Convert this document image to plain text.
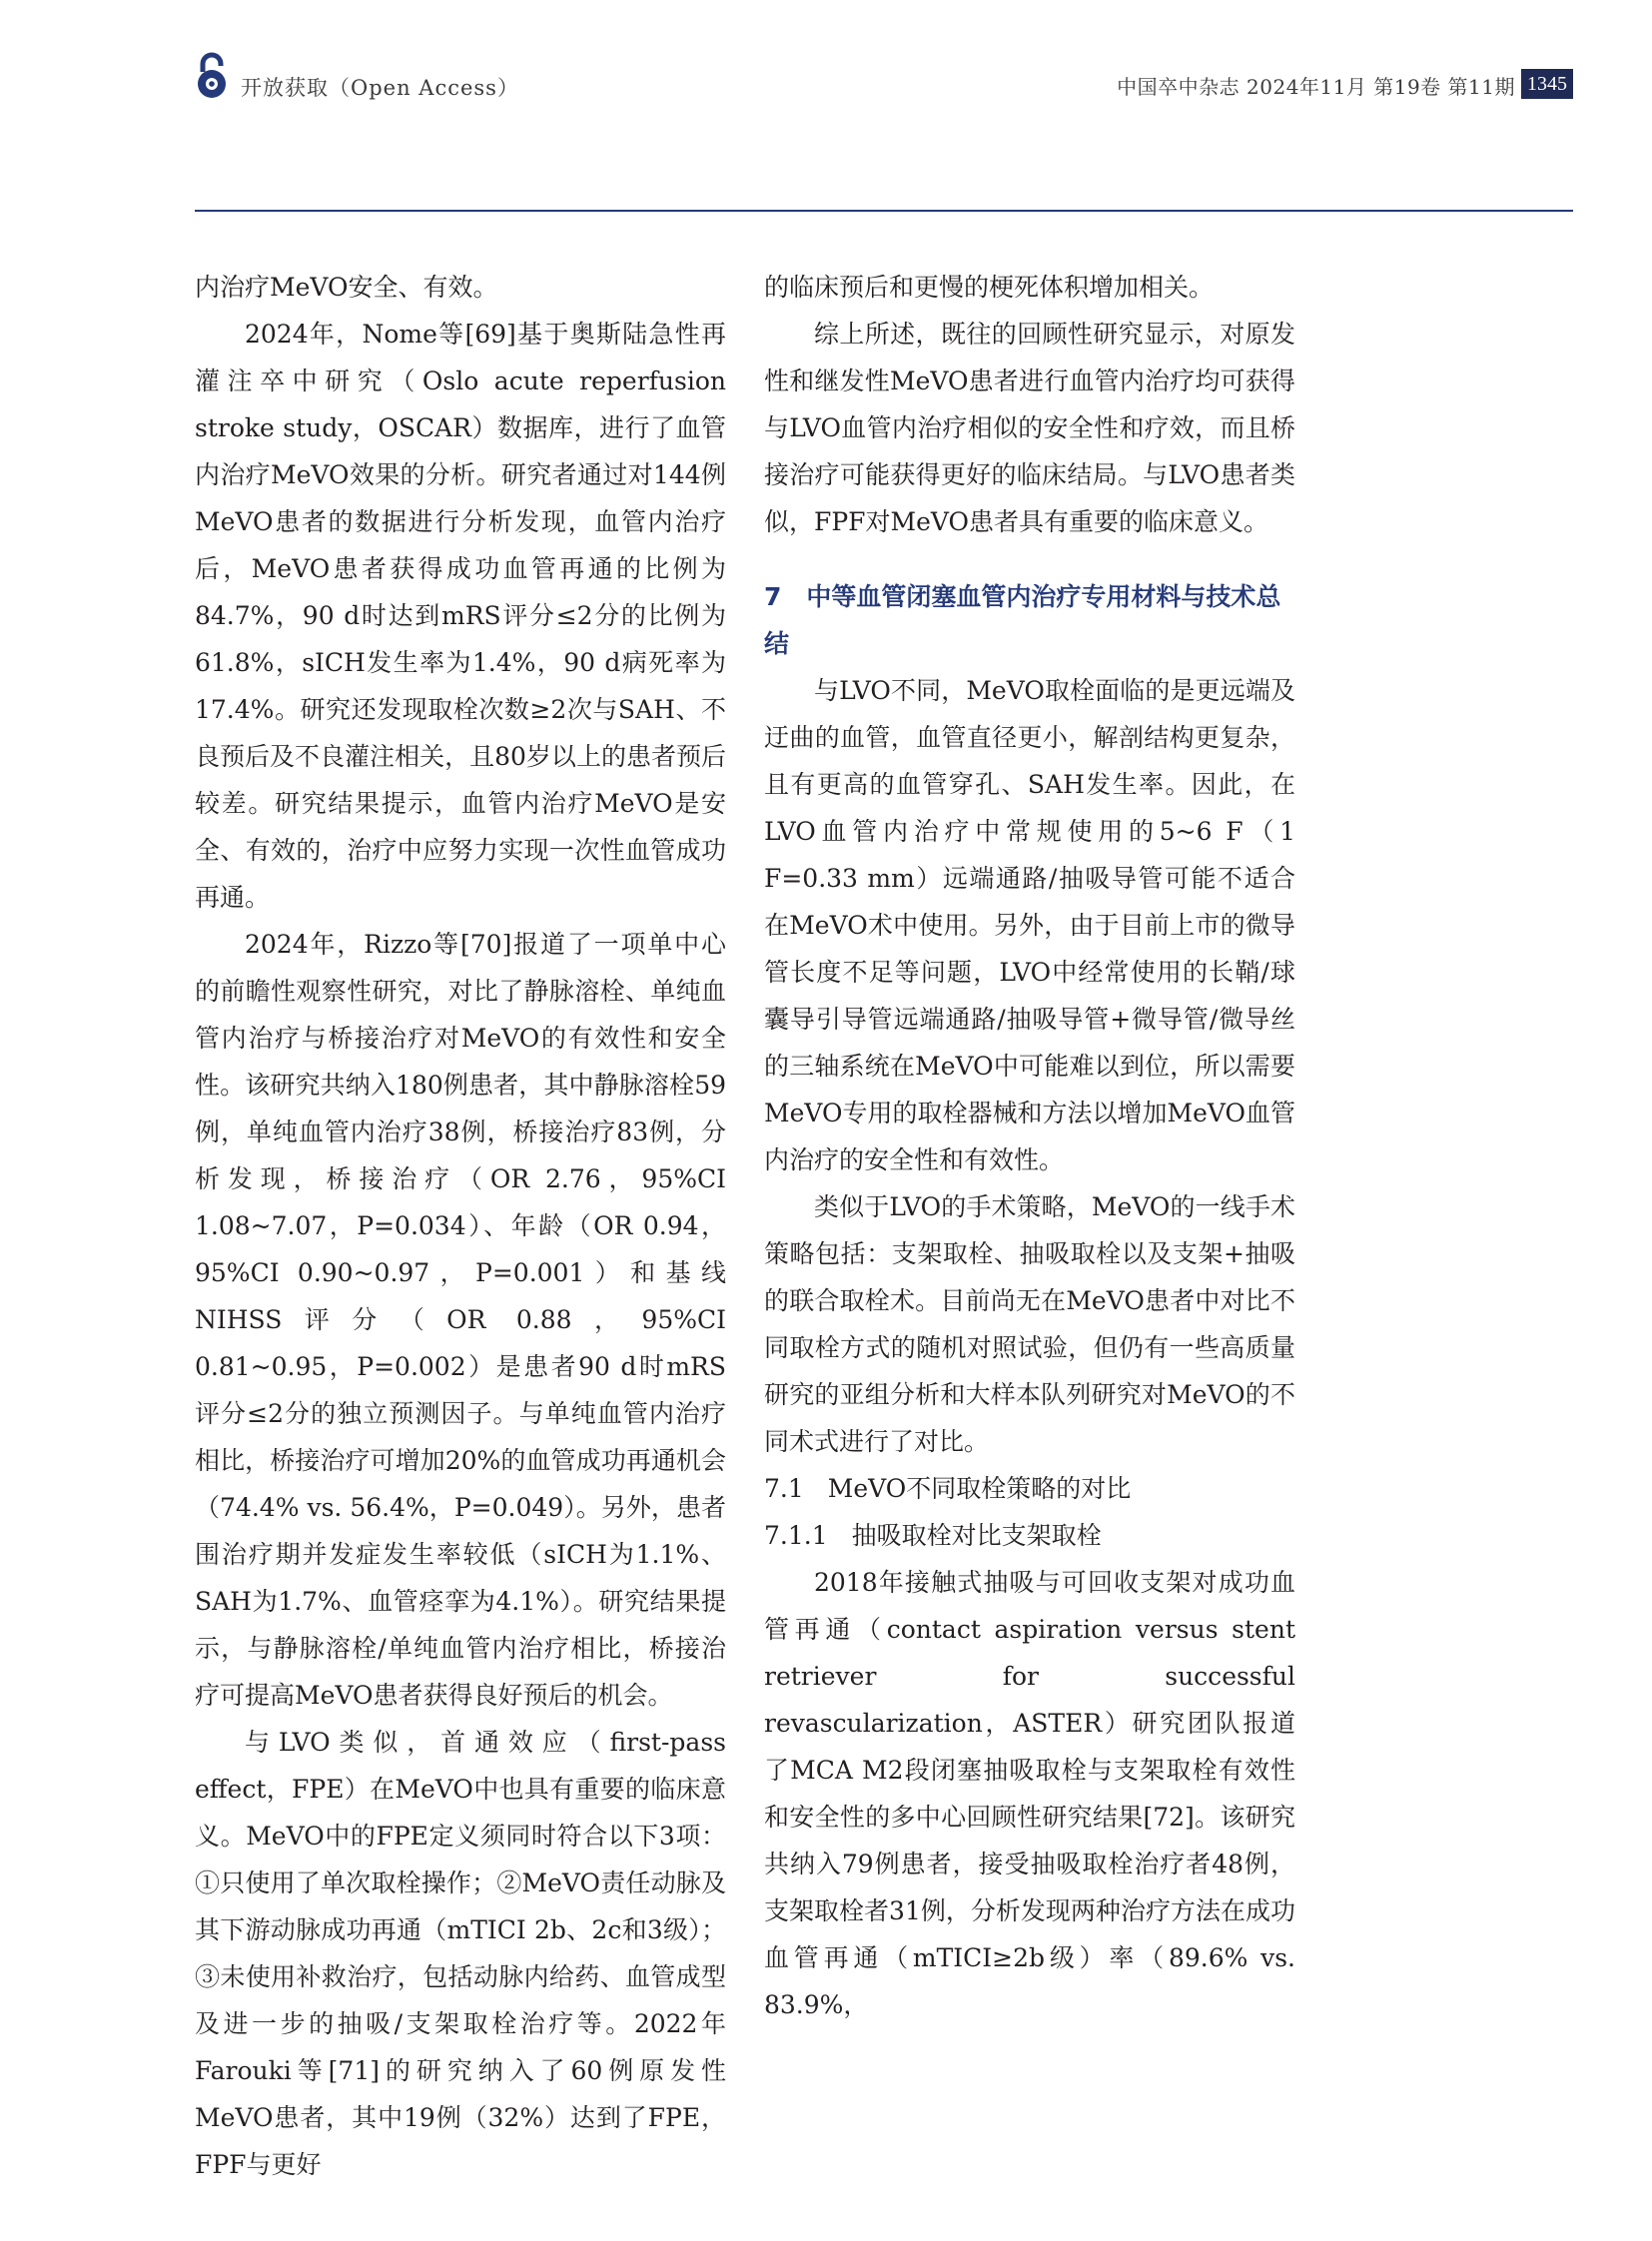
开放获取（Open Access）	中国卒中杂志 2024年11月 第19卷 第11期 1345

内治疗MeVO安全、有效。

2024年，Nome等[69]基于奥斯陆急性再灌注卒中研究（Oslo acute reperfusion stroke study，OSCAR）数据库，进行了血管内治疗MeVO效果的分析。研究者通过对144例MeVO患者的数据进行分析发现，血管内治疗后，MeVO患者获得成功血管再通的比例为84.7%，90 d时达到mRS评分≤2分的比例为61.8%，sICH发生率为1.4%，90 d病死率为17.4%。研究还发现取栓次数≥2次与SAH、不良预后及不良灌注相关，且80岁以上的患者预后较差。研究结果提示，血管内治疗MeVO是安全、有效的，治疗中应努力实现一次性血管成功再通。

2024年，Rizzo等[70]报道了一项单中心的前瞻性观察性研究，对比了静脉溶栓、单纯血管内治疗与桥接治疗对MeVO的有效性和安全性。该研究共纳入180例患者，其中静脉溶栓59例，单纯血管内治疗38例，桥接治疗83例，分析发现，桥接治疗（OR 2.76，95%CI 1.08~7.07，P=0.034）、年龄（OR 0.94，95%CI 0.90~0.97，P=0.001）和基线NIHSS评分（OR 0.88，95%CI 0.81~0.95，P=0.002）是患者90 d时mRS评分≤2分的独立预测因子。与单纯血管内治疗相比，桥接治疗可增加20%的血管成功再通机会（74.4% vs. 56.4%，P=0.049）。另外，患者围治疗期并发症发生率较低（sICH为1.1%、SAH为1.7%、血管痉挛为4.1%）。研究结果提示，与静脉溶栓/单纯血管内治疗相比，桥接治疗可提高MeVO患者获得良好预后的机会。

与LVO类似，首通效应（first-pass effect，FPE）在MeVO中也具有重要的临床意义。MeVO中的FPE定义须同时符合以下3项：①只使用了单次取栓操作；②MeVO责任动脉及其下游动脉成功再通（mTICI 2b、2c和3级）；③未使用补救治疗，包括动脉内给药、血管成型及进一步的抽吸/支架取栓治疗等。2022年Farouki等[71]的研究纳入了60例原发性MeVO患者，其中19例（32%）达到了FPE，FPF与更好

的临床预后和更慢的梗死体积增加相关。

综上所述，既往的回顾性研究显示，对原发性和继发性MeVO患者进行血管内治疗均可获得与LVO血管内治疗相似的安全性和疗效，而且桥接治疗可能获得更好的临床结局。与LVO患者类似，FPF对MeVO患者具有重要的临床意义。

7　中等血管闭塞血管内治疗专用材料与技术总结

与LVO不同，MeVO取栓面临的是更远端及迂曲的血管，血管直径更小，解剖结构更复杂，且有更高的血管穿孔、SAH发生率。因此，在LVO血管内治疗中常规使用的5~6 F（1 F=0.33 mm）远端通路/抽吸导管可能不适合在MeVO术中使用。另外，由于目前上市的微导管长度不足等问题，LVO中经常使用的长鞘/球囊导引导管远端通路/抽吸导管+微导管/微导丝的三轴系统在MeVO中可能难以到位，所以需要MeVO专用的取栓器械和方法以增加MeVO血管内治疗的安全性和有效性。

类似于LVO的手术策略，MeVO的一线手术策略包括：支架取栓、抽吸取栓以及支架+抽吸的联合取栓术。目前尚无在MeVO患者中对比不同取栓方式的随机对照试验，但仍有一些高质量研究的亚组分析和大样本队列研究对MeVO的不同术式进行了对比。

7.1 MeVO不同取栓策略的对比

7.1.1 抽吸取栓对比支架取栓

2018年接触式抽吸与可回收支架对成功血管再通（contact aspiration versus stent retriever for successful revascularization，ASTER）研究团队报道了MCA M2段闭塞抽吸取栓与支架取栓有效性和安全性的多中心回顾性研究结果[72]。该研究共纳入79例患者，接受抽吸取栓治疗者48例，支架取栓者31例，分析发现两种治疗方法在成功血管再通（mTICI≥2b级）率（89.6% vs. 83.9%，
